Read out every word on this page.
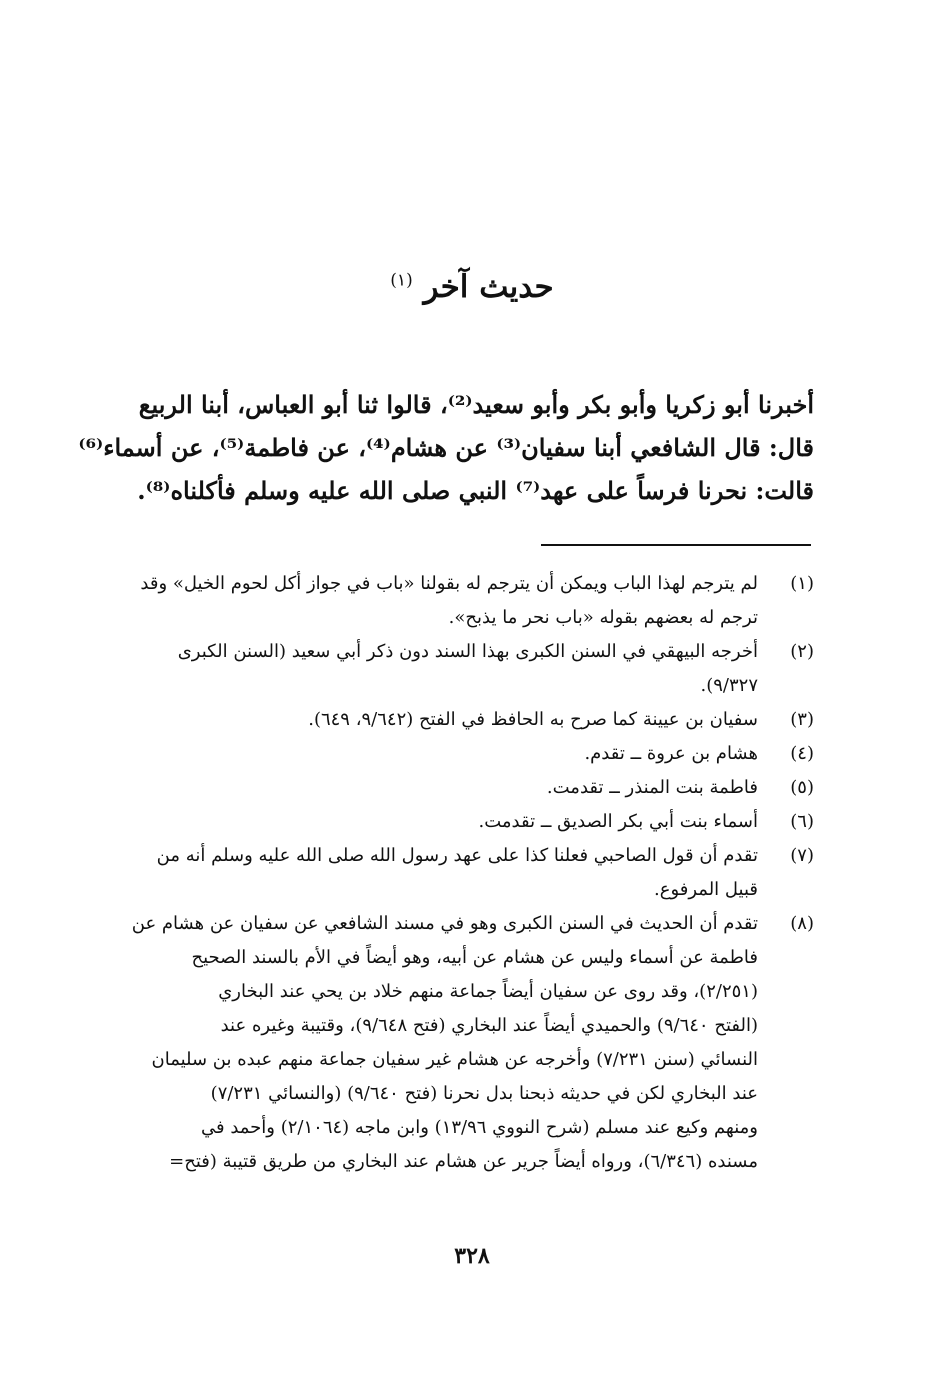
حديث آخر $^{(١)}$
أخبرنا أبو زكريا وأبو بكر وأبو سعيد⁽²⁾، قالوا ثنا أبو العباس، أبنا الربيع
قال: قال الشافعي أبنا سفيان⁽³⁾ عن هشام⁽⁴⁾، عن فاطمة⁽⁵⁾، عن أسماء⁽⁶⁾
قالت: نحرنا فرساً على عهد⁽⁷⁾ النبي صلى الله عليه وسلم فأكلناه⁽⁸⁾.
(١)
لم يترجم لهذا الباب ويمكن أن يترجم له بقولنا «باب في جواز أكل لحوم الخيل» وقد
ترجم له بعضهم بقوله «باب نحر ما يذبح».
(٢)
أخرجه البيهقي في السنن الكبرى بهذا السند دون ذكر أبي سعيد (السنن الكبرى
٩/٣٢٧).
(٣)
سفيان بن عيينة كما صرح به الحافظ في الفتح (٩/٦٤٢، ٦٤٩).
(٤)
هشام بن عروة ــ تقدم.
(٥)
فاطمة بنت المنذر ــ تقدمت.
(٦)
أسماء بنت أبي بكر الصديق ــ تقدمت.
(٧)
تقدم أن قول الصاحبي فعلنا كذا على عهد رسول الله صلى الله عليه وسلم أنه من
قبيل المرفوع.
(٨)
تقدم أن الحديث في السنن الكبرى وهو في مسند الشافعي عن سفيان عن هشام عن
فاطمة عن أسماء وليس عن هشام عن أبيه، وهو أيضاً في الأم بالسند الصحيح
(٢/٢٥١)، وقد روى عن سفيان أيضاً جماعة منهم خلاد بن يحي عند البخاري
(الفتح ٩/٦٤٠) والحميدي أيضاً عند البخاري (فتح ٩/٦٤٨)، وقتيبة وغيره عند
النسائي (سنن ٧/٢٣١) وأخرجه عن هشام غير سفيان جماعة منهم عبده بن سليمان
عند البخاري لكن في حديثه ذبحنا بدل نحرنا (فتح ٩/٦٤٠) (والنسائي ٧/٢٣١)
ومنهم وكيع عند مسلم (شرح النووي ١٣/٩٦) وابن ماجه (٢/١٠٦٤) وأحمد في
مسنده (٦/٣٤٦)، ورواه أيضاً جرير عن هشام عند البخاري من طريق قتيبة (فتح=
٣٢٨
